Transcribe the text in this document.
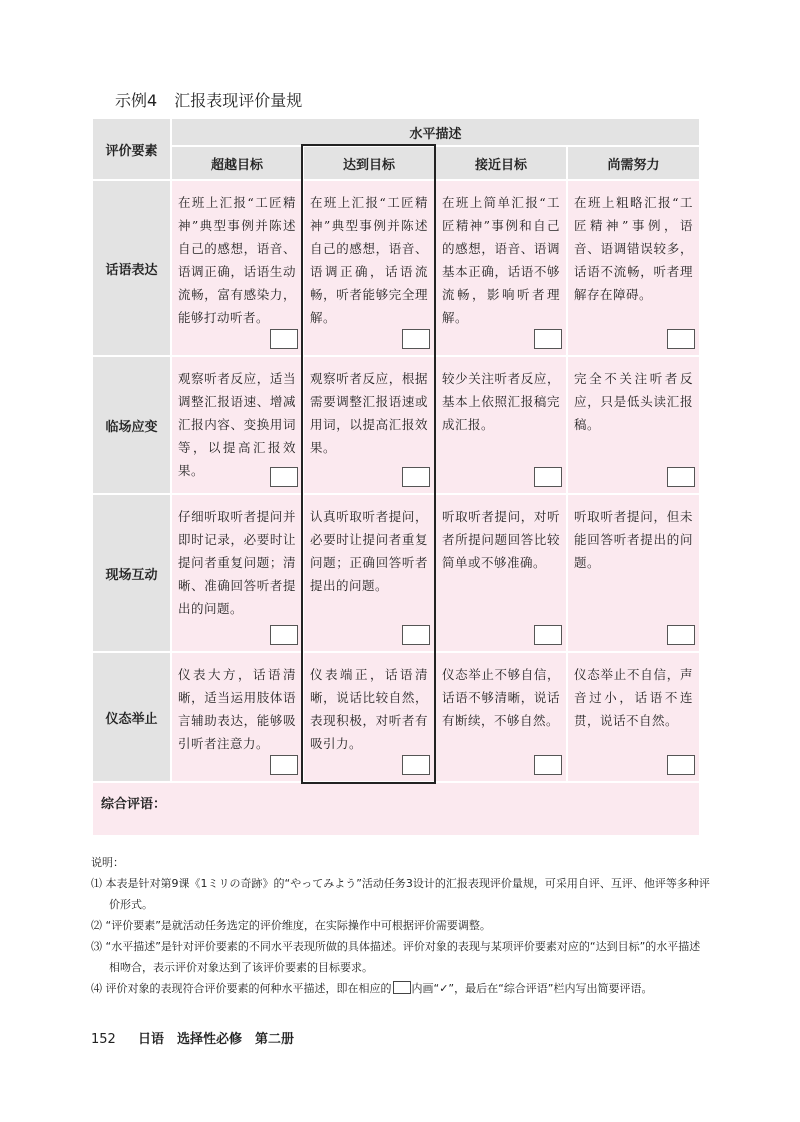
示例4 汇报表现评价量规
评价要素	水平描述			
	超越目标	达到目标	接近目标	尚需努力
话语表达	在班上汇报“工匠精神”典型事例并陈述自己的感想，语音、语调正确，话语生动流畅，富有感染力，能够打动听者。	在班上汇报“工匠精神”典型事例并陈述自己的感想，语音、语调正确，话语流畅，听者能够完全理解。	在班上简单汇报“工匠精神”事例和自己的感想，语音、语调基本正确，话语不够流畅，影响听者理解。	在班上粗略汇报“工匠精神”事例，语音、语调错误较多，话语不流畅，听者理解存在障碍。

临场应变	观察听者反应，适当调整汇报语速、增减汇报内容、变换用词等，以提高汇报效果。	观察听者反应，根据需要调整汇报语速或用词，以提高汇报效果。	较少关注听者反应，基本上依照汇报稿完成汇报。	完全不关注听者反应，只是低头读汇报稿。

现场互动	仔细听取听者提问并即时记录，必要时让提问者重复问题；清晰、准确回答听者提出的问题。	认真听取听者提问，必要时让提问者重复问题；正确回答听者提出的问题。	听取听者提问，对听者所提问题回答比较简单或不够准确。	听取听者提问，但未能回答听者提出的问题。

仪态举止	仪表大方，话语清晰，适当运用肢体语言辅助表达，能够吸引听者注意力。	仪表端正，话语清晰，说话比较自然，表现积极，对听者有吸引力。	仪态举止不够自信，话语不够清晰，说话有断续，不够自然。	仪态举止不自信，声音过小，话语不连贯，说话不自然。

综合评语：				
说明：
⑴ 本表是针对第9课《1ミリの奇跡》的“やってみよう”活动任务3设计的汇报表现评价量规，可采用自评、互评、他评等多种评价形式。
⑵ “评价要素”是就活动任务选定的评价维度，在实际操作中可根据评价需要调整。
⑶ “水平描述”是针对评价要素的不同水平表现所做的具体描述。评价对象的表现与某项评价要素对应的“达到目标”的水平描述相吻合，表示评价对象达到了该评价要素的目标要求。
⑷ 评价对象的表现符合评价要素的何种水平描述，即在相应的 内画“✓”，最后在“综合评语”栏内写出简要评语。
152 日语　选择性必修　第二册
